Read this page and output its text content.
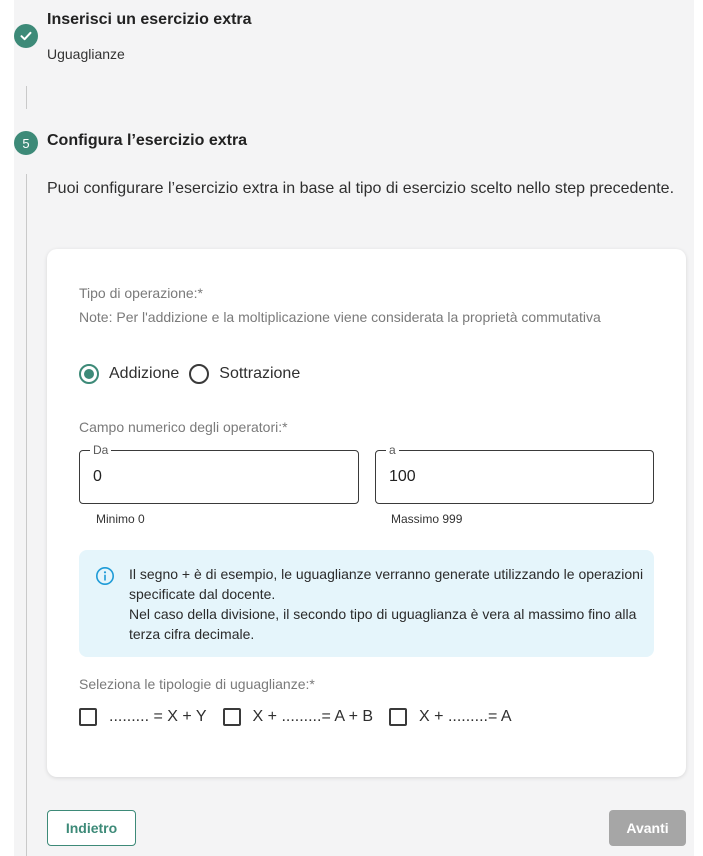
Inserisci un esercizio extra
Uguaglianze
5	Configura l’esercizio extra
Puoi configurare l’esercizio extra in base al tipo di esercizio scelto nello step precedente.
Tipo di operazione:*
Note: Per l'addizione e la moltiplicazione viene considerata la proprietà commutativa
Addizione	Sottrazione
Campo numerico degli operatori:*
Da
0	a
100
Minimo 0	Massimo 999
Il segno + è di esempio, le uguaglianze verranno generate utilizzando le operazioni specificate dal docente.
Nel caso della divisione, il secondo tipo di uguaglianza è vera al massimo fino alla terza cifra decimale.
Seleziona le tipologie di uguaglianze:*
......... = X + Y	X + .........= A + B	X + .........= A
Indietro	Avanti
